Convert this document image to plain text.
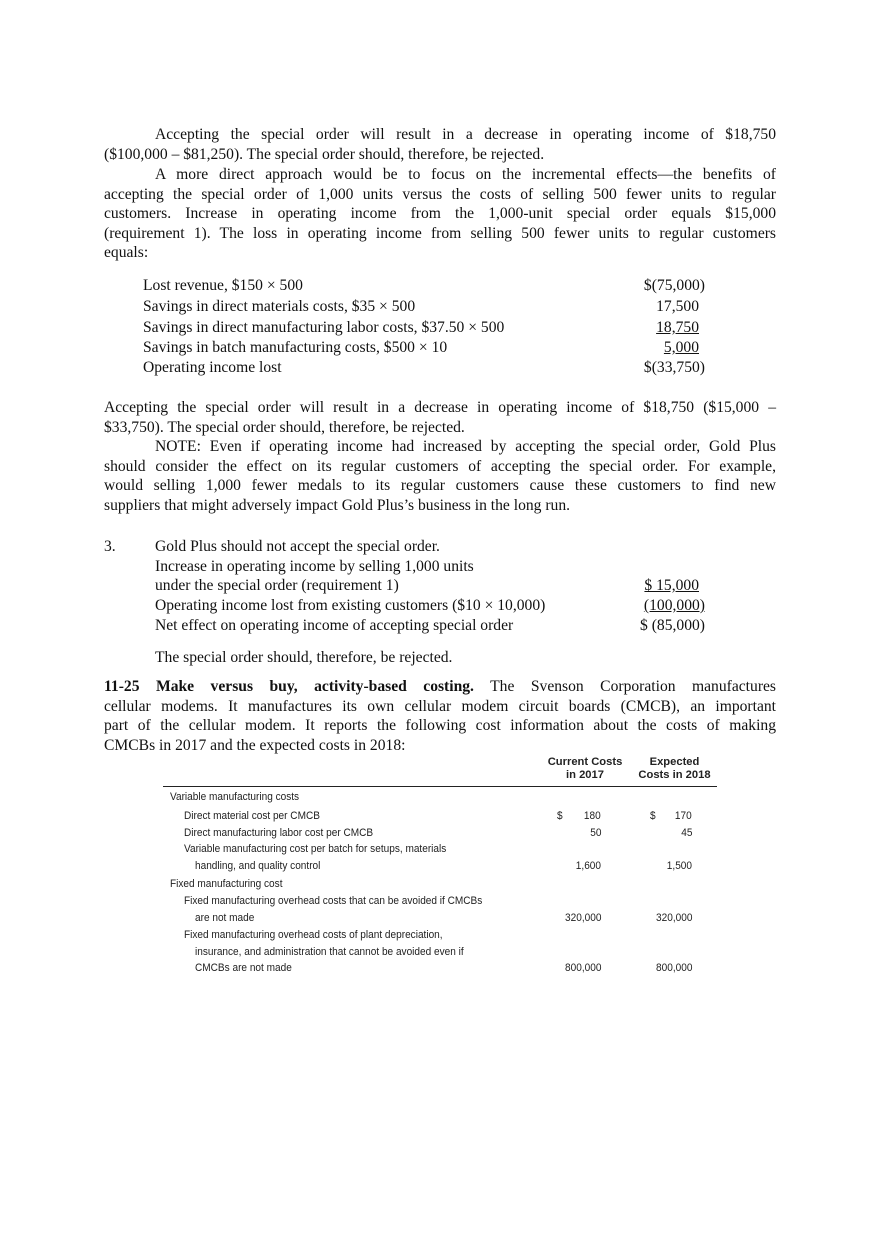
Accepting the special order will result in a decrease in operating income of $18,750
($100,000 – $81,250). The special order should, therefore, be rejected.
A more direct approach would be to focus on the incremental effects—the benefits of
accepting the special order of 1,000 units versus the costs of selling 500 fewer units to regular
customers. Increase in operating income from the 1,000-unit special order equals $15,000
(requirement 1). The loss in operating income from selling 500 fewer units to regular customers
equals:
Lost revenue, $150 × 500	$(75,000)
Savings in direct materials costs, $35 × 500	17,500
Savings in direct manufacturing labor costs, $37.50 × 500	18,750
Savings in batch manufacturing costs, $500 × 10	5,000
Operating income lost	$(33,750)
Accepting the special order will result in a decrease in operating income of $18,750 ($15,000 –
$33,750). The special order should, therefore, be rejected.
NOTE: Even if operating income had increased by accepting the special order, Gold Plus
should consider the effect on its regular customers of accepting the special order. For example,
would selling 1,000 fewer medals to its regular customers cause these customers to find new
suppliers that might adversely impact Gold Plus’s business in the long run.
3.	Gold Plus should not accept the special order.
Increase in operating income by selling 1,000 units
under the special order (requirement 1)	$ 15,000
Operating income lost from existing customers ($10 × 10,000)	(100,000)
Net effect on operating income of accepting special order	$ (85,000)
The special order should, therefore, be rejected.
11-25 Make versus buy, activity-based costing. The Svenson Corporation manufactures
cellular modems. It manufactures its own cellular modem circuit boards (CMCB), an important
part of the cellular modem. It reports the following cost information about the costs of making
CMCBs in 2017 and the expected costs in 2018:
Current Costs
in 2017
Expected
Costs in 2018
Variable manufacturing costs
Direct material cost per CMCB	$ 180	$ 170
Direct manufacturing labor cost per CMCB	50	45
Variable manufacturing cost per batch for setups, materials
handling, and quality control	1,600	1,500
Fixed manufacturing cost
Fixed manufacturing overhead costs that can be avoided if CMCBs
are not made	320,000	320,000
Fixed manufacturing overhead costs of plant depreciation,
insurance, and administration that cannot be avoided even if
CMCBs are not made	800,000	800,000
